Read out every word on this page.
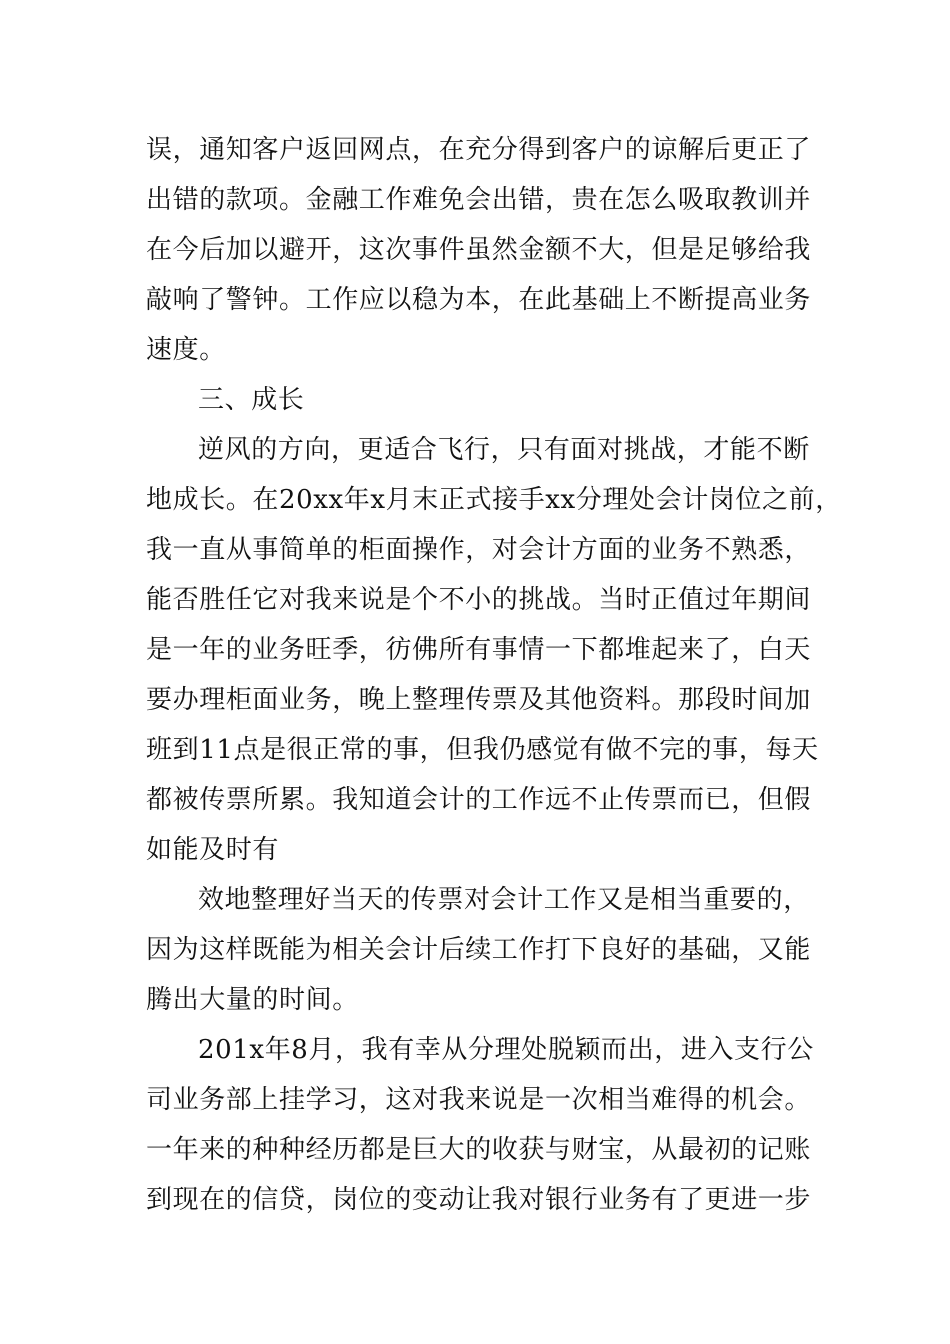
误，通知客户返回网点，在充分得到客户的谅解后更正了
出错的款项。金融工作难免会出错，贵在怎么吸取教训并
在今后加以避开，这次事件虽然金额不大，但是足够给我
敲响了警钟。工作应以稳为本，在此基础上不断提高业务
速度。
三、成长
逆风的方向，更适合飞行，只有面对挑战，才能不断
地成长。在20xx年x月末正式接手xx分理处会计岗位之前，
我一直从事简单的柜面操作，对会计方面的业务不熟悉，
能否胜任它对我来说是个不小的挑战。当时正值过年期间
是一年的业务旺季，彷佛所有事情一下都堆起来了，白天
要办理柜面业务，晚上整理传票及其他资料。那段时间加
班到11点是很正常的事，但我仍感觉有做不完的事，每天
都被传票所累。我知道会计的工作远不止传票而已，但假
如能及时有
效地整理好当天的传票对会计工作又是相当重要的，
因为这样既能为相关会计后续工作打下良好的基础，又能
腾出大量的时间。
201x年8月，我有幸从分理处脱颖而出，进入支行公
司业务部上挂学习，这对我来说是一次相当难得的机会。
一年来的种种经历都是巨大的收获与财宝，从最初的记账
到现在的信贷，岗位的变动让我对银行业务有了更进一步
